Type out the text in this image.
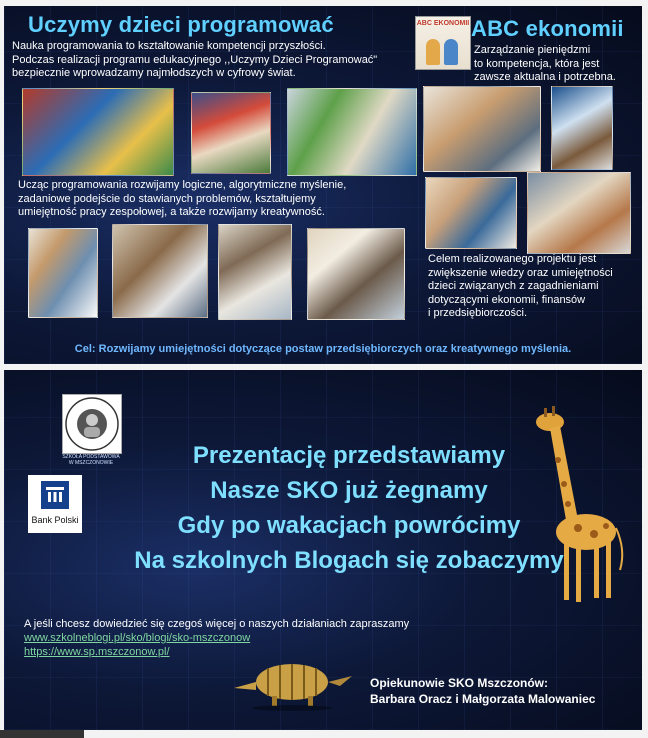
Uczymy dzieci programować
Nauka programowania to kształtowanie kompetencji przyszłości.
Podczas realizacji programu edukacyjnego ,,Uczymy Dzieci Programować"
bezpiecznie wprowadzamy najmłodszych w cyfrowy świat.
ABC EKONOMII ABC ekonomii
Zarządzanie pieniędzmi
to kompetencja, która jest
zawsze aktualna i potrzebna.
Ucząc programowania rozwijamy logiczne, algorytmiczne myślenie,
zadaniowe podejście do stawianych problemów, kształtujemy
umiejętność pracy zespołowej, a także rozwijamy kreatywność.
Celem realizowanego projektu jest
zwiększenie wiedzy oraz umiejętności
dzieci związanych z zagadnieniami
dotyczącymi ekonomii, finansów
i przedsiębiorczości.
Cel: Rozwijamy umiejętności dotyczące postaw przedsiębiorczych oraz kreatywnego myślenia.
SZKOŁA PODSTAWOWA W MSZCZONOWIE
Bank Polski
Prezentację przedstawiamy
Nasze SKO już żegnamy
Gdy po wakacjach powrócimy
Na szkolnych Blogach się zobaczymy
A jeśli chcesz dowiedzieć się czegoś więcej o naszych działaniach zapraszamy
www.szkolneblogi.pl/sko/blogi/sko-mszczonow
https://www.sp.mszczonow.pl/
Opiekunowie SKO Mszczonów:
Barbara Oracz i Małgorzata Malowaniec
